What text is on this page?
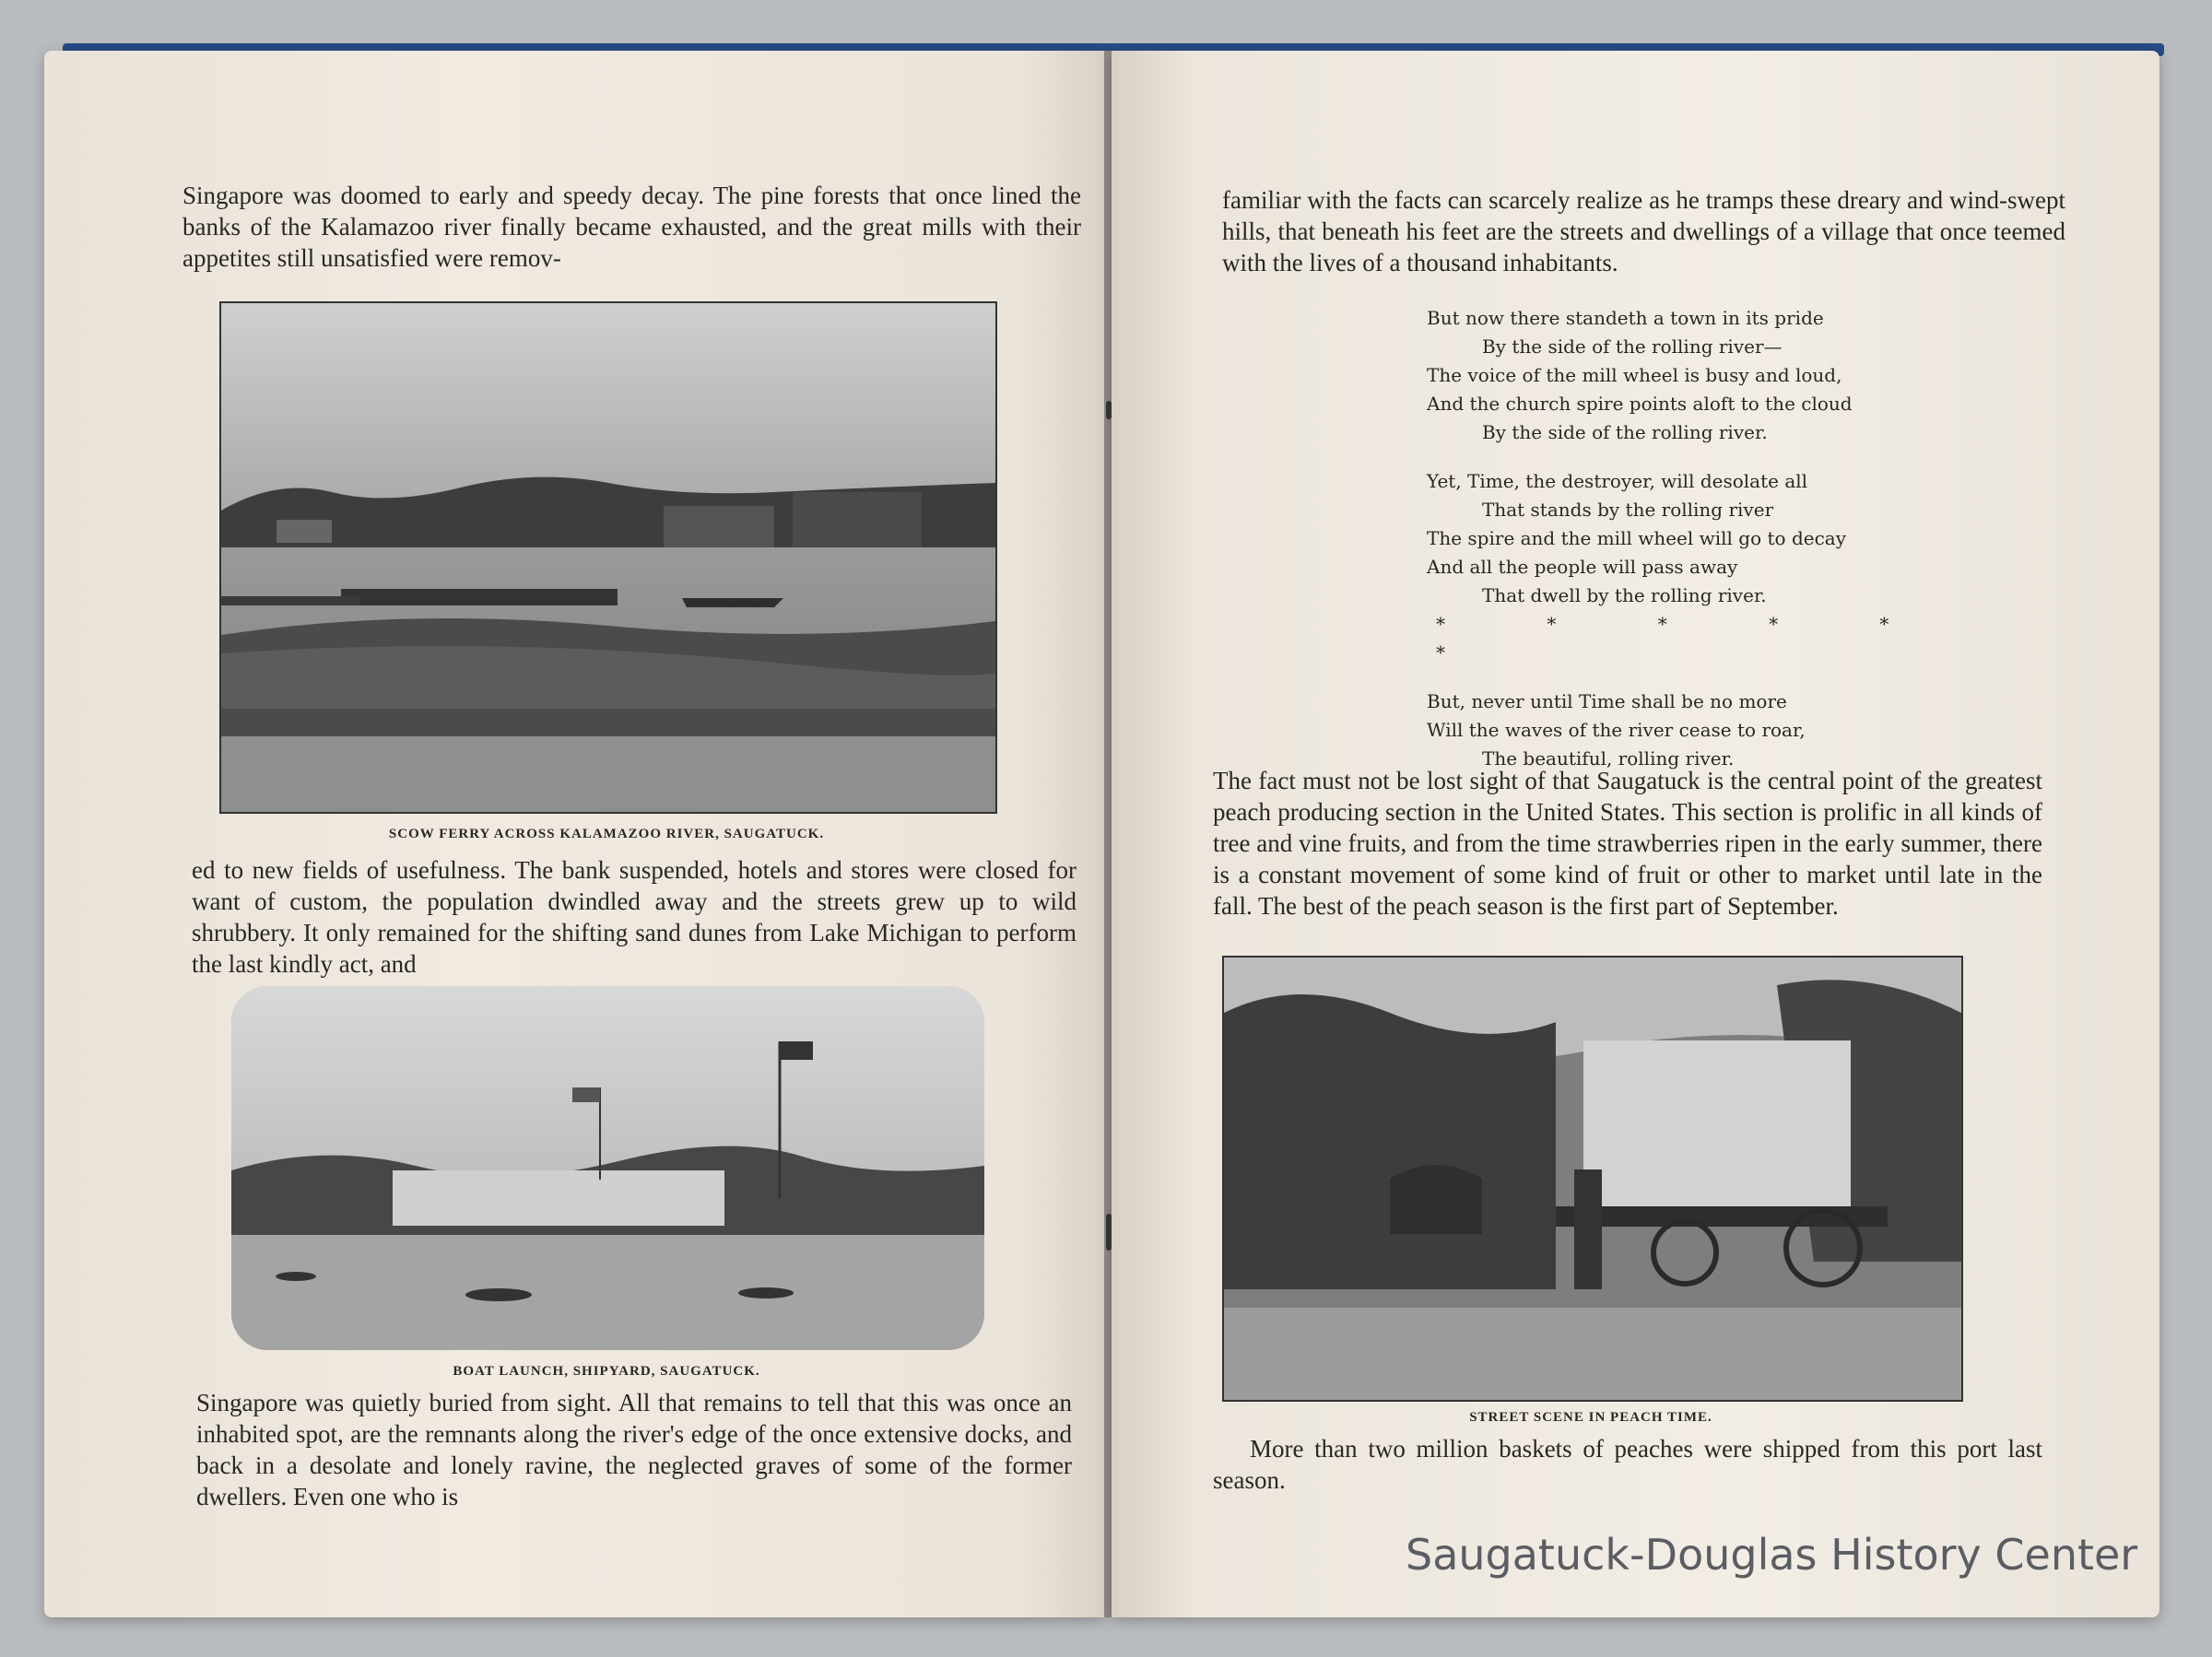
Singapore was doomed to early and speedy decay. The pine forests that once lined the banks of the Kalamazoo river finally became exhausted, and the great mills with their appetites still unsatisfied were remov-

SCOW FERRY ACROSS KALAMAZOO RIVER, SAUGATUCK.

ed to new fields of usefulness. The bank suspended, hotels and stores were closed for want of custom, the population dwindled away and the streets grew up to wild shrubbery. It only remained for the shifting sand dunes from Lake Michigan to perform the last kindly act, and

BOAT LAUNCH, SHIPYARD, SAUGATUCK.

Singapore was quietly buried from sight. All that remains to tell that this was once an inhabited spot, are the remnants along the river's edge of the once extensive docks, and back in a desolate and lonely ravine, the neglected graves of some of the former dwellers. Even one who is

familiar with the facts can scarcely realize as he tramps these dreary and wind-swept hills, that beneath his feet are the streets and dwellings of a village that once teemed with the lives of a thousand inhabitants.

But now there standeth a town in its pride
By the side of the rolling river—
The voice of the mill wheel is busy and loud,
And the church spire points aloft to the cloud
By the side of the rolling river.
Yet, Time, the destroyer, will desolate all
That stands by the rolling river
The spire and the mill wheel will go to decay
And all the people will pass away
That dwell by the rolling river.
* * * * * *
But, never until Time shall be no more
Will the waves of the river cease to roar,
The beautiful, rolling river.

The fact must not be lost sight of that Saugatuck is the central point of the greatest peach producing section in the United States. This section is prolific in all kinds of tree and vine fruits, and from the time strawberries ripen in the early summer, there is a constant movement of some kind of fruit or other to market until late in the fall. The best of the peach season is the first part of September.

STREET SCENE IN PEACH TIME.

More than two million baskets of peaches were shipped from this port last season.

Saugatuck-Douglas History Center
